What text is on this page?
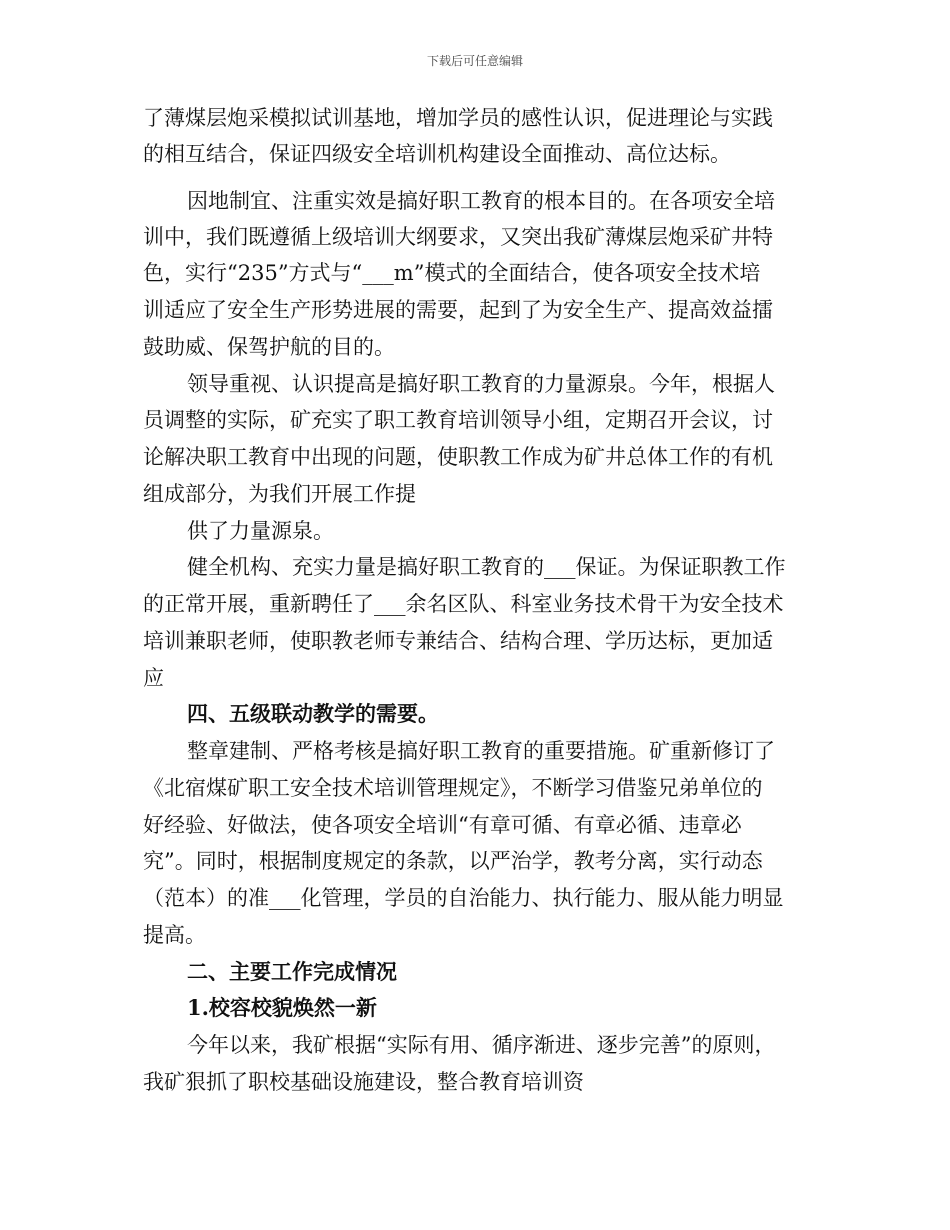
下载后可任意编辑
了薄煤层炮采模拟试训基地，增加学员的感性认识，促进理论与实践
的相互结合，保证四级安全培训机构建设全面推动、高位达标。
因地制宜、注重实效是搞好职工教育的根本目的。在各项安全培
训中，我们既遵循上级培训大纲要求，又突出我矿薄煤层炮采矿井特
色，实行“235”方式与“___m”模式的全面结合，使各项安全技术培
训适应了安全生产形势进展的需要，起到了为安全生产、提高效益擂
鼓助威、保驾护航的目的。
领导重视、认识提高是搞好职工教育的力量源泉。今年，根据人
员调整的实际，矿充实了职工教育培训领导小组，定期召开会议，讨
论解决职工教育中出现的问题，使职教工作成为矿井总体工作的有机
组成部分，为我们开展工作提
供了力量源泉。
健全机构、充实力量是搞好职工教育的___保证。为保证职教工作
的正常开展，重新聘任了___余名区队、科室业务技术骨干为安全技术
培训兼职老师，使职教老师专兼结合、结构合理、学历达标，更加适
应
四、五级联动教学的需要。
整章建制、严格考核是搞好职工教育的重要措施。矿重新修订了
《北宿煤矿职工安全技术培训管理规定》，不断学习借鉴兄弟单位的
好经验、好做法，使各项安全培训“有章可循、有章必循、违章必
究”。同时，根据制度规定的条款，以严治学，教考分离，实行动态
（范本）的准___化管理，学员的自治能力、执行能力、服从能力明显
提高。
二、主要工作完成情况
1.校容校貌焕然一新
今年以来，我矿根据“实际有用、循序渐进、逐步完善”的原则，
我矿狠抓了职校基础设施建设，整合教育培训资
